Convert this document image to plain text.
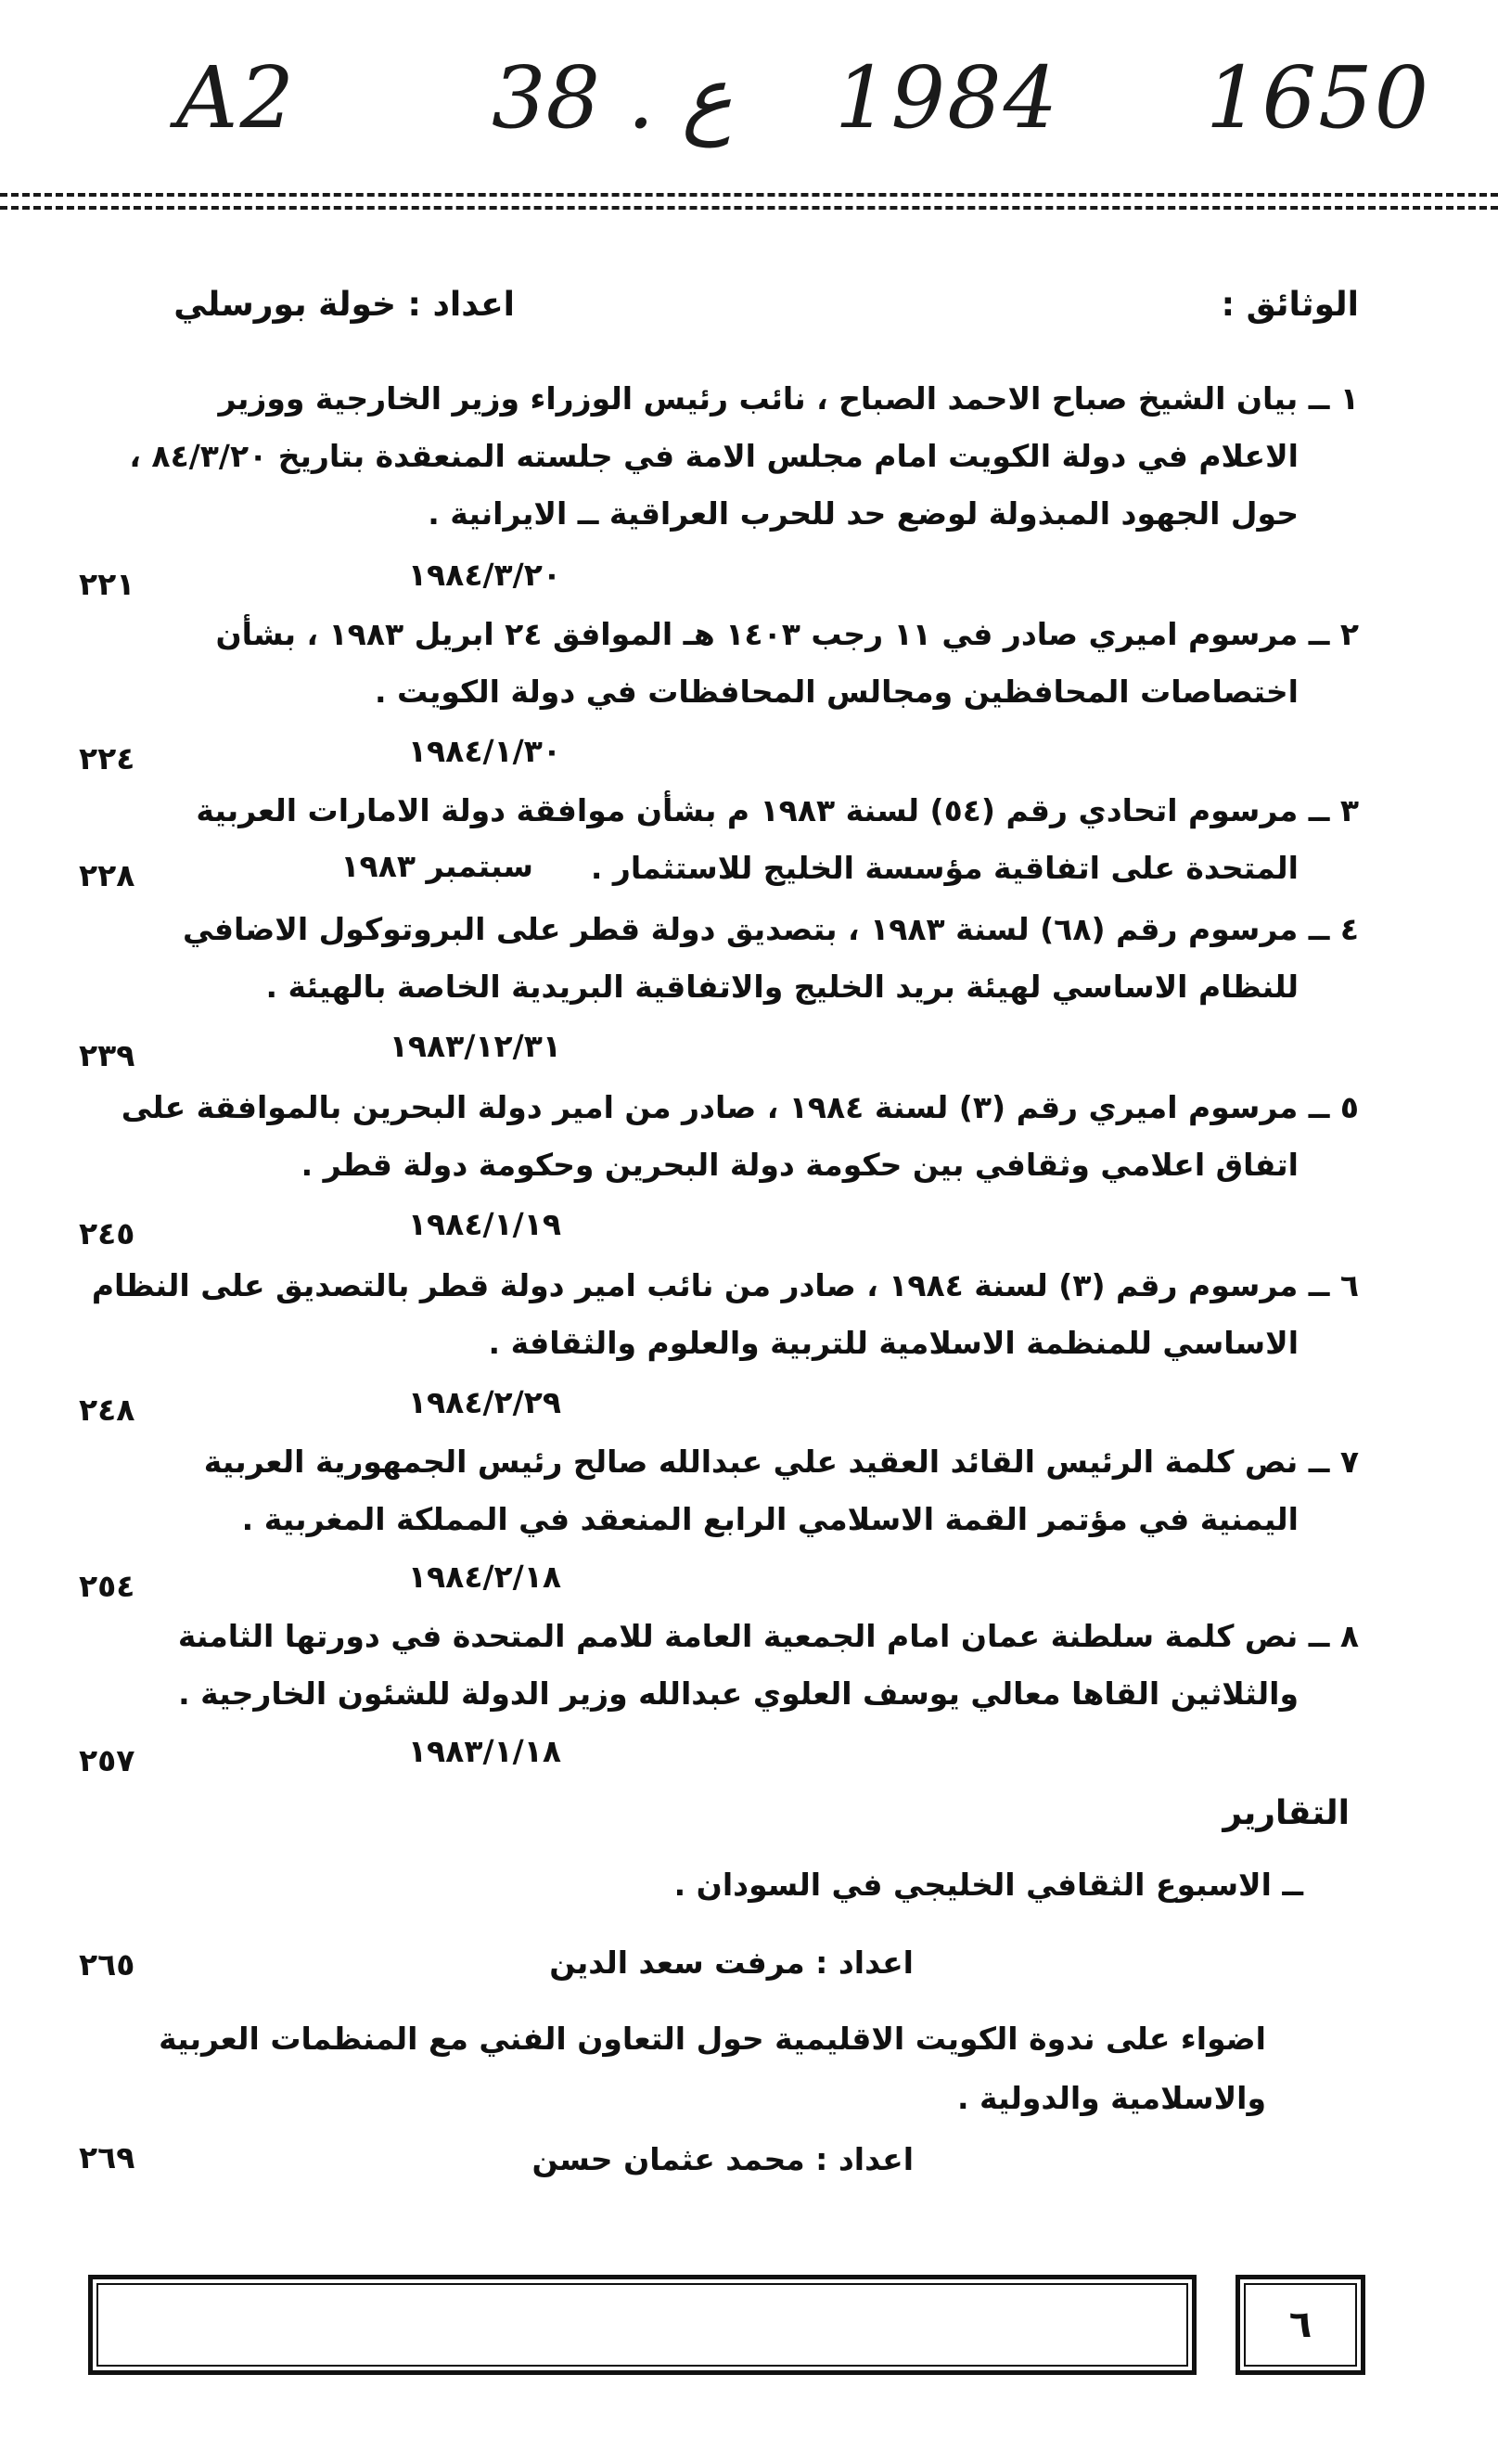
A2 38 . ع 1984 1650
الوثائق :
اعداد : خولة بورسلي
١ ــ بيان الشيخ صباح الاحمد الصباح ، نائب رئيس الوزراء وزير الخارجية ووزير
الاعلام في دولة الكويت امام مجلس الامة في جلسته المنعقدة بتاريخ ٨٤/٣/٢٠ ،
حول الجهود المبذولة لوضع حد للحرب العراقية ــ الايرانية .
١٩٨٤/٣/٢٠
٢٢١
٢ ــ مرسوم اميري صادر في ١١ رجب ١٤٠٣ هـ الموافق ٢٤ ابريل ١٩٨٣ ، بشأن
اختصاصات المحافظين ومجالس المحافظات في دولة الكويت .
١٩٨٤/١/٣٠
٢٢٤
٣ ــ مرسوم اتحادي رقم (٥٤) لسنة ١٩٨٣ م بشأن موافقة دولة الامارات العربية
المتحدة على اتفاقية مؤسسة الخليج للاستثمار .
سبتمبر ١٩٨٣
٢٢٨
٤ ــ مرسوم رقم (٦٨) لسنة ١٩٨٣ ، بتصديق دولة قطر على البروتوكول الاضافي
للنظام الاساسي لهيئة بريد الخليج والاتفاقية البريدية الخاصة بالهيئة .
١٩٨٣/١٢/٣١
٢٣٩
٥ ــ مرسوم اميري رقم (٣) لسنة ١٩٨٤ ، صادر من امير دولة البحرين بالموافقة على
اتفاق اعلامي وثقافي بين حكومة دولة البحرين وحكومة دولة قطر .
١٩٨٤/١/١٩
٢٤٥
٦ ــ مرسوم رقم (٣) لسنة ١٩٨٤ ، صادر من نائب امير دولة قطر بالتصديق على النظام
الاساسي للمنظمة الاسلامية للتربية والعلوم والثقافة .
١٩٨٤/٢/٢٩
٢٤٨
٧ ــ نص كلمة الرئيس القائد العقيد علي عبدالله صالح رئيس الجمهورية العربية
اليمنية في مؤتمر القمة الاسلامي الرابع المنعقد في المملكة المغربية .
١٩٨٤/٢/١٨
٢٥٤
٨ ــ نص كلمة سلطنة عمان امام الجمعية العامة للامم المتحدة في دورتها الثامنة
والثلاثين القاها معالي يوسف العلوي عبدالله وزير الدولة للشئون الخارجية .
١٩٨٣/١/١٨
٢٥٧
التقارير
ــ الاسبوع الثقافي الخليجي في السودان .
اعداد : مرفت سعد الدين
٢٦٥
اضواء على ندوة الكويت الاقليمية حول التعاون الفني مع المنظمات العربية
والاسلامية والدولية .
اعداد : محمد عثمان حسن
٢٦٩
٦
